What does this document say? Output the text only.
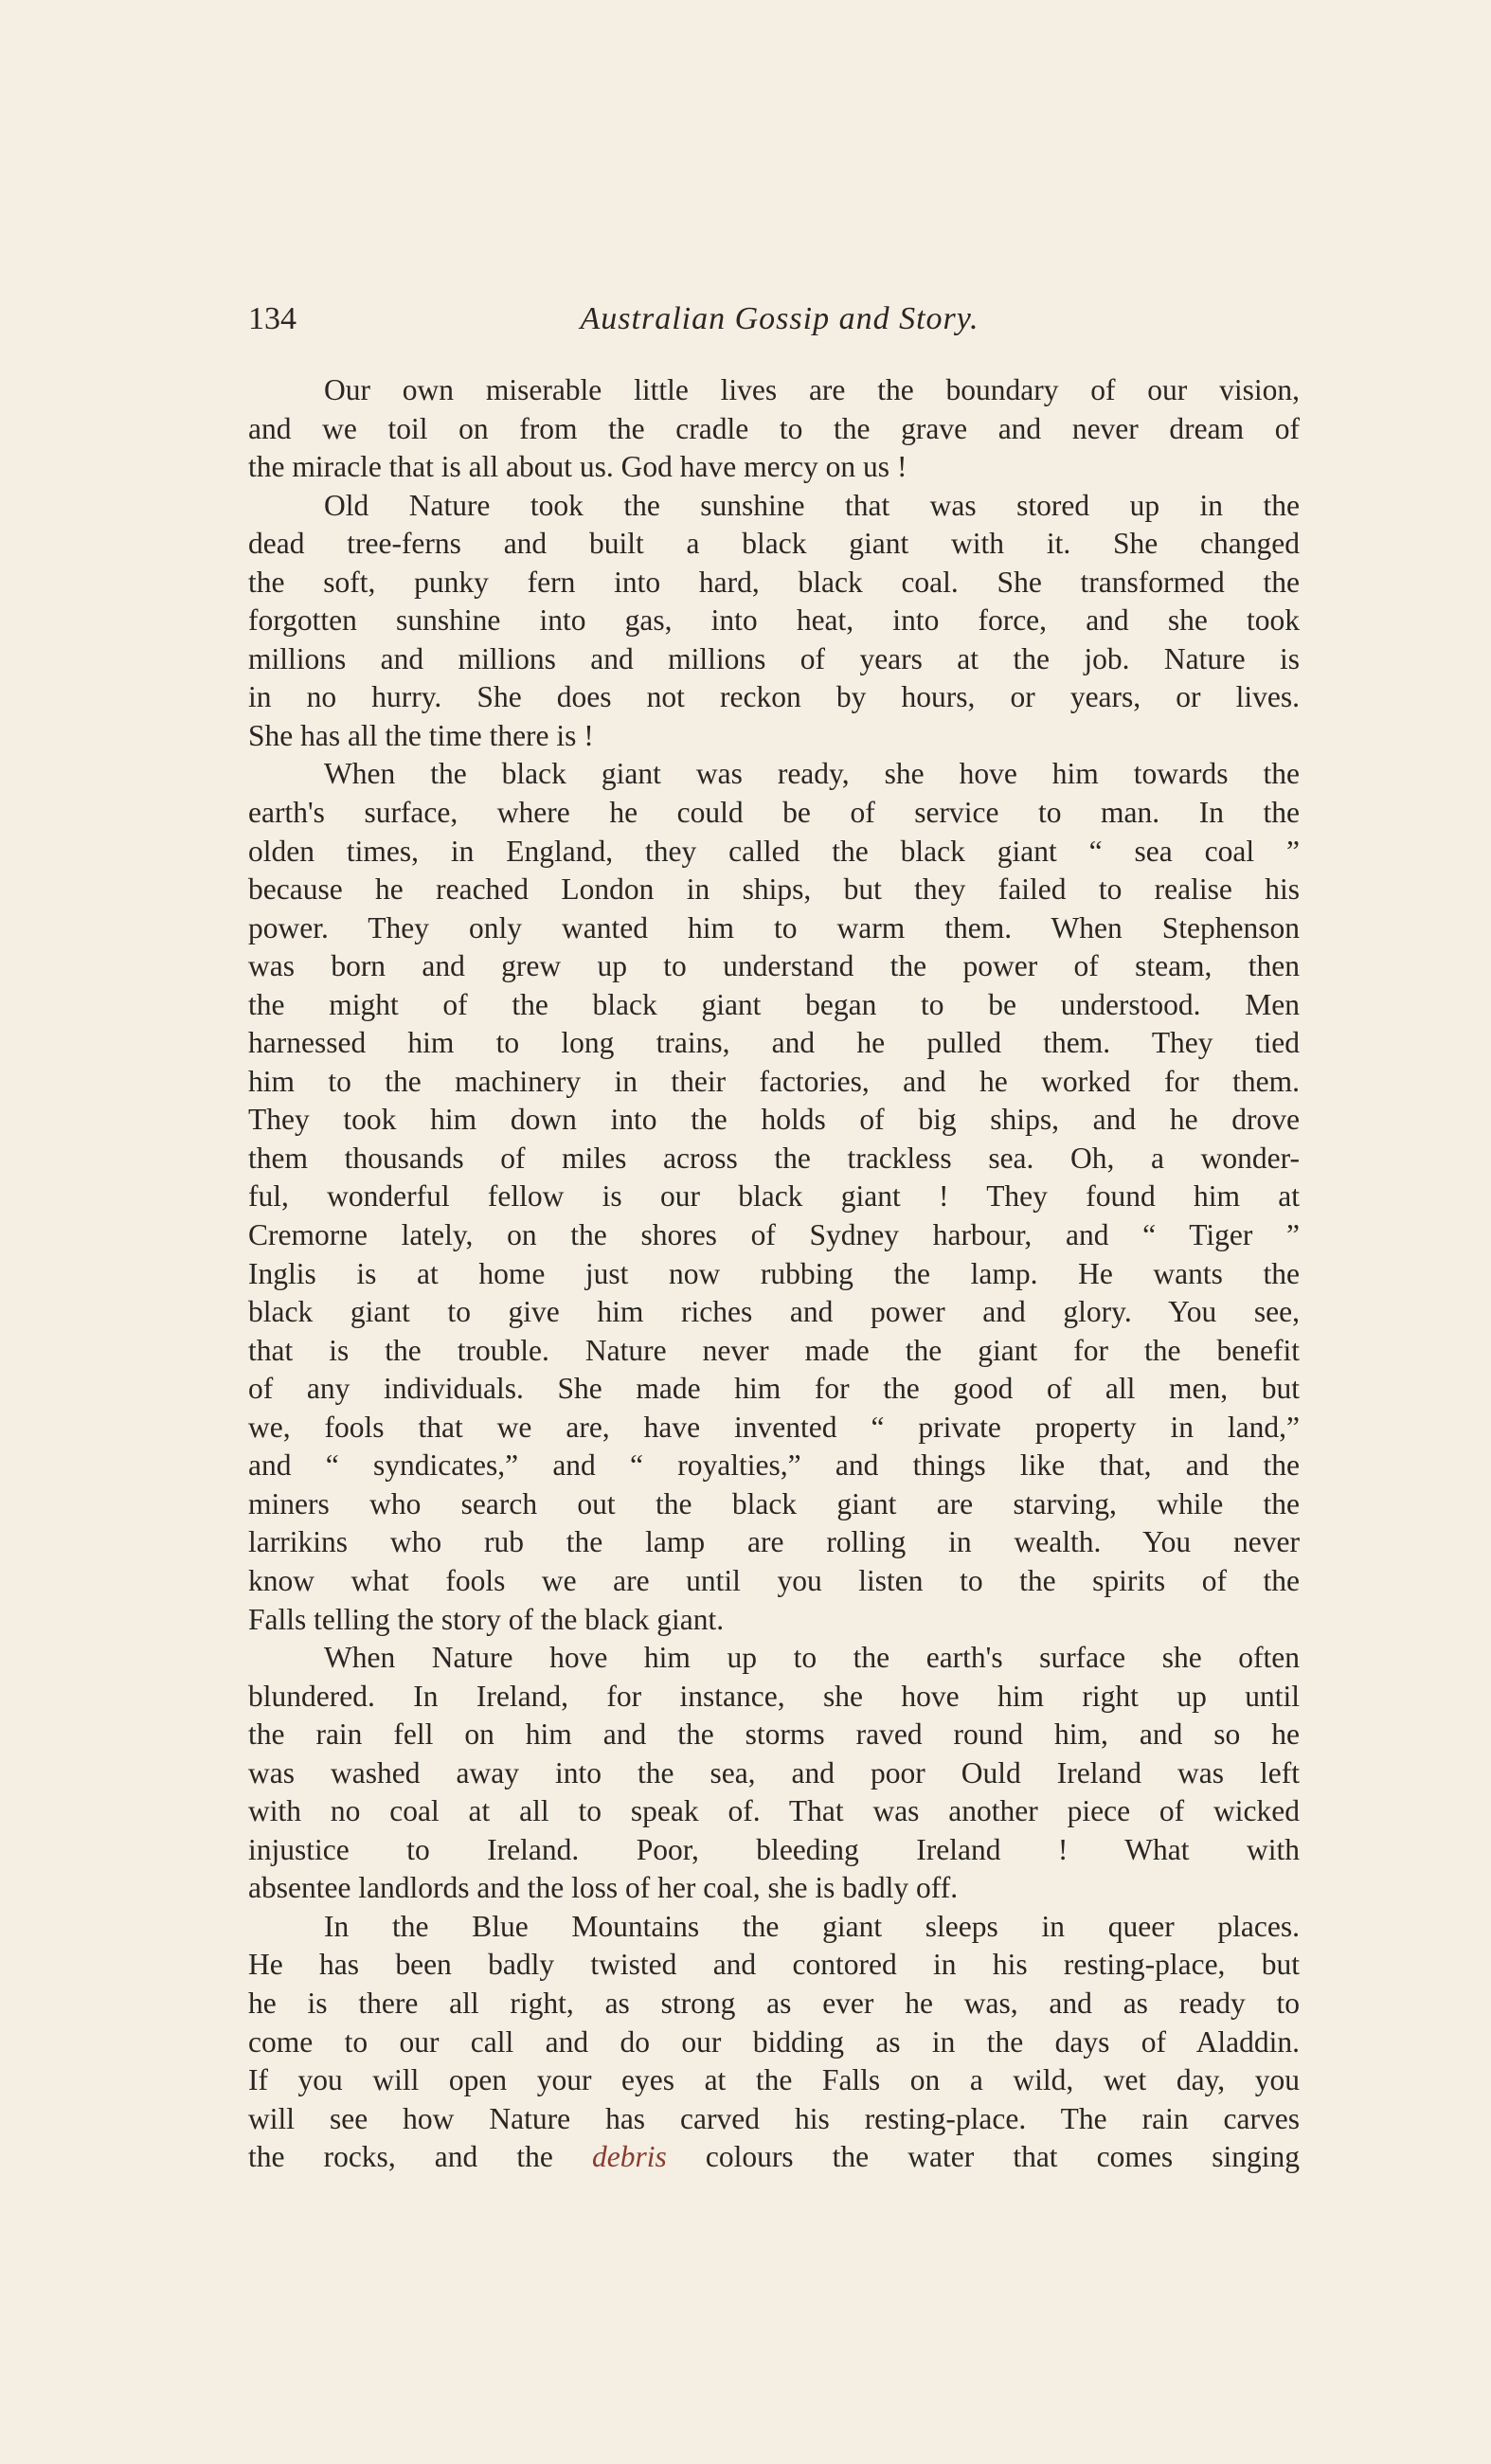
134	Australian Gossip and Story.
Our own miserable little lives are the boundary of our vision,
and we toil on from the cradle to the grave and never dream of
the miracle that is all about us. God have mercy on us !
Old Nature took the sunshine that was stored up in the
dead tree-ferns and built a black giant with it. She changed
the soft, punky fern into hard, black coal. She transformed the
forgotten sunshine into gas, into heat, into force, and she took
millions and millions and millions of years at the job. Nature is
in no hurry. She does not reckon by hours, or years, or lives.
She has all the time there is !
When the black giant was ready, she hove him towards the
earth's surface, where he could be of service to man. In the
olden times, in England, they called the black giant “ sea coal ”
because he reached London in ships, but they failed to realise his
power. They only wanted him to warm them. When Stephenson
was born and grew up to understand the power of steam, then
the might of the black giant began to be understood. Men
harnessed him to long trains, and he pulled them. They tied
him to the machinery in their factories, and he worked for them.
They took him down into the holds of big ships, and he drove
them thousands of miles across the trackless sea. Oh, a wonder-
ful, wonderful fellow is our black giant ! They found him at
Cremorne lately, on the shores of Sydney harbour, and “ Tiger ”
Inglis is at home just now rubbing the lamp. He wants the
black giant to give him riches and power and glory. You see,
that is the trouble. Nature never made the giant for the benefit
of any individuals. She made him for the good of all men, but
we, fools that we are, have invented “ private property in land,”
and “ syndicates,” and “ royalties,” and things like that, and the
miners who search out the black giant are starving, while the
larrikins who rub the lamp are rolling in wealth. You never
know what fools we are until you listen to the spirits of the
Falls telling the story of the black giant.
When Nature hove him up to the earth's surface she often
blundered. In Ireland, for instance, she hove him right up until
the rain fell on him and the storms raved round him, and so he
was washed away into the sea, and poor Ould Ireland was left
with no coal at all to speak of. That was another piece of wicked
injustice to Ireland. Poor, bleeding Ireland ! What with
absentee landlords and the loss of her coal, she is badly off.
In the Blue Mountains the giant sleeps in queer places.
He has been badly twisted and contored in his resting-place, but
he is there all right, as strong as ever he was, and as ready to
come to our call and do our bidding as in the days of Aladdin.
If you will open your eyes at the Falls on a wild, wet day, you
will see how Nature has carved his resting-place. The rain carves
the rocks, and the debris colours the water that comes singing
